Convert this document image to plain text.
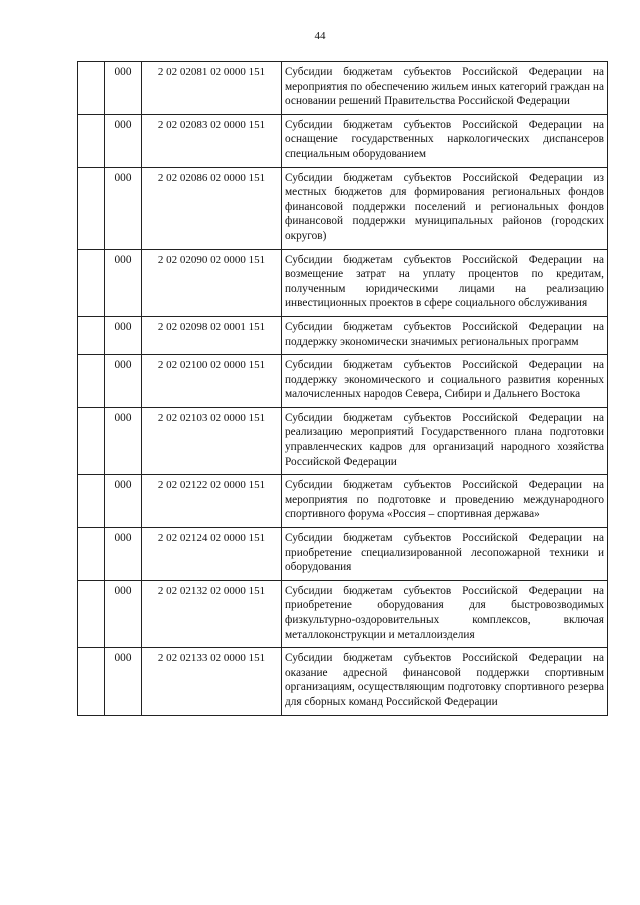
44
	000	2 02 02081 02 0000 151	Субсидии бюджетам субъектов Российской Федерации на мероприятия по обеспечению жильем иных категорий граждан на основании решений Правительства Российской Федерации
	000	2 02 02083 02 0000 151	Субсидии бюджетам субъектов Российской Федерации на оснащение государственных наркологических диспансеров специальным оборудованием
	000	2 02 02086 02 0000 151	Субсидии бюджетам субъектов Российской Федерации из местных бюджетов для формирования региональных фондов финансовой поддержки поселений и региональных фондов финансовой поддержки муниципальных районов (городских округов)
	000	2 02 02090 02 0000 151	Субсидии бюджетам субъектов Российской Федерации на возмещение затрат на уплату процентов по кредитам, полученным юридическими лицами на реализацию инвестиционных проектов в сфере социального обслуживания
	000	2 02 02098 02 0001 151	Субсидии бюджетам субъектов Российской Федерации на поддержку экономически значимых региональных программ
	000	2 02 02100 02 0000 151	Субсидии бюджетам субъектов Российской Федерации на поддержку экономического и социального развития коренных малочисленных народов Севера, Сибири и Дальнего Востока
	000	2 02 02103 02 0000 151	Субсидии бюджетам субъектов Российской Федерации на реализацию мероприятий Государственного плана подготовки управленческих кадров для организаций народного хозяйства Российской Федерации
	000	2 02 02122 02 0000 151	Субсидии бюджетам субъектов Российской Федерации на мероприятия по подготовке и проведению международного спортивного форума «Россия – спортивная держава»
	000	2 02 02124 02 0000 151	Субсидии бюджетам субъектов Российской Федерации на приобретение специализированной лесопожарной техники и оборудования
	000	2 02 02132 02 0000 151	Субсидии бюджетам субъектов Российской Федерации на приобретение оборудования для быстровозводимых физкультурно-оздоровительных комплексов, включая металлоконструкции и металлоизделия
	000	2 02 02133 02 0000 151	Субсидии бюджетам субъектов Российской Федерации на оказание адресной финансовой поддержки спортивным организациям, осуществляющим подготовку спортивного резерва для сборных команд Российской Федерации
